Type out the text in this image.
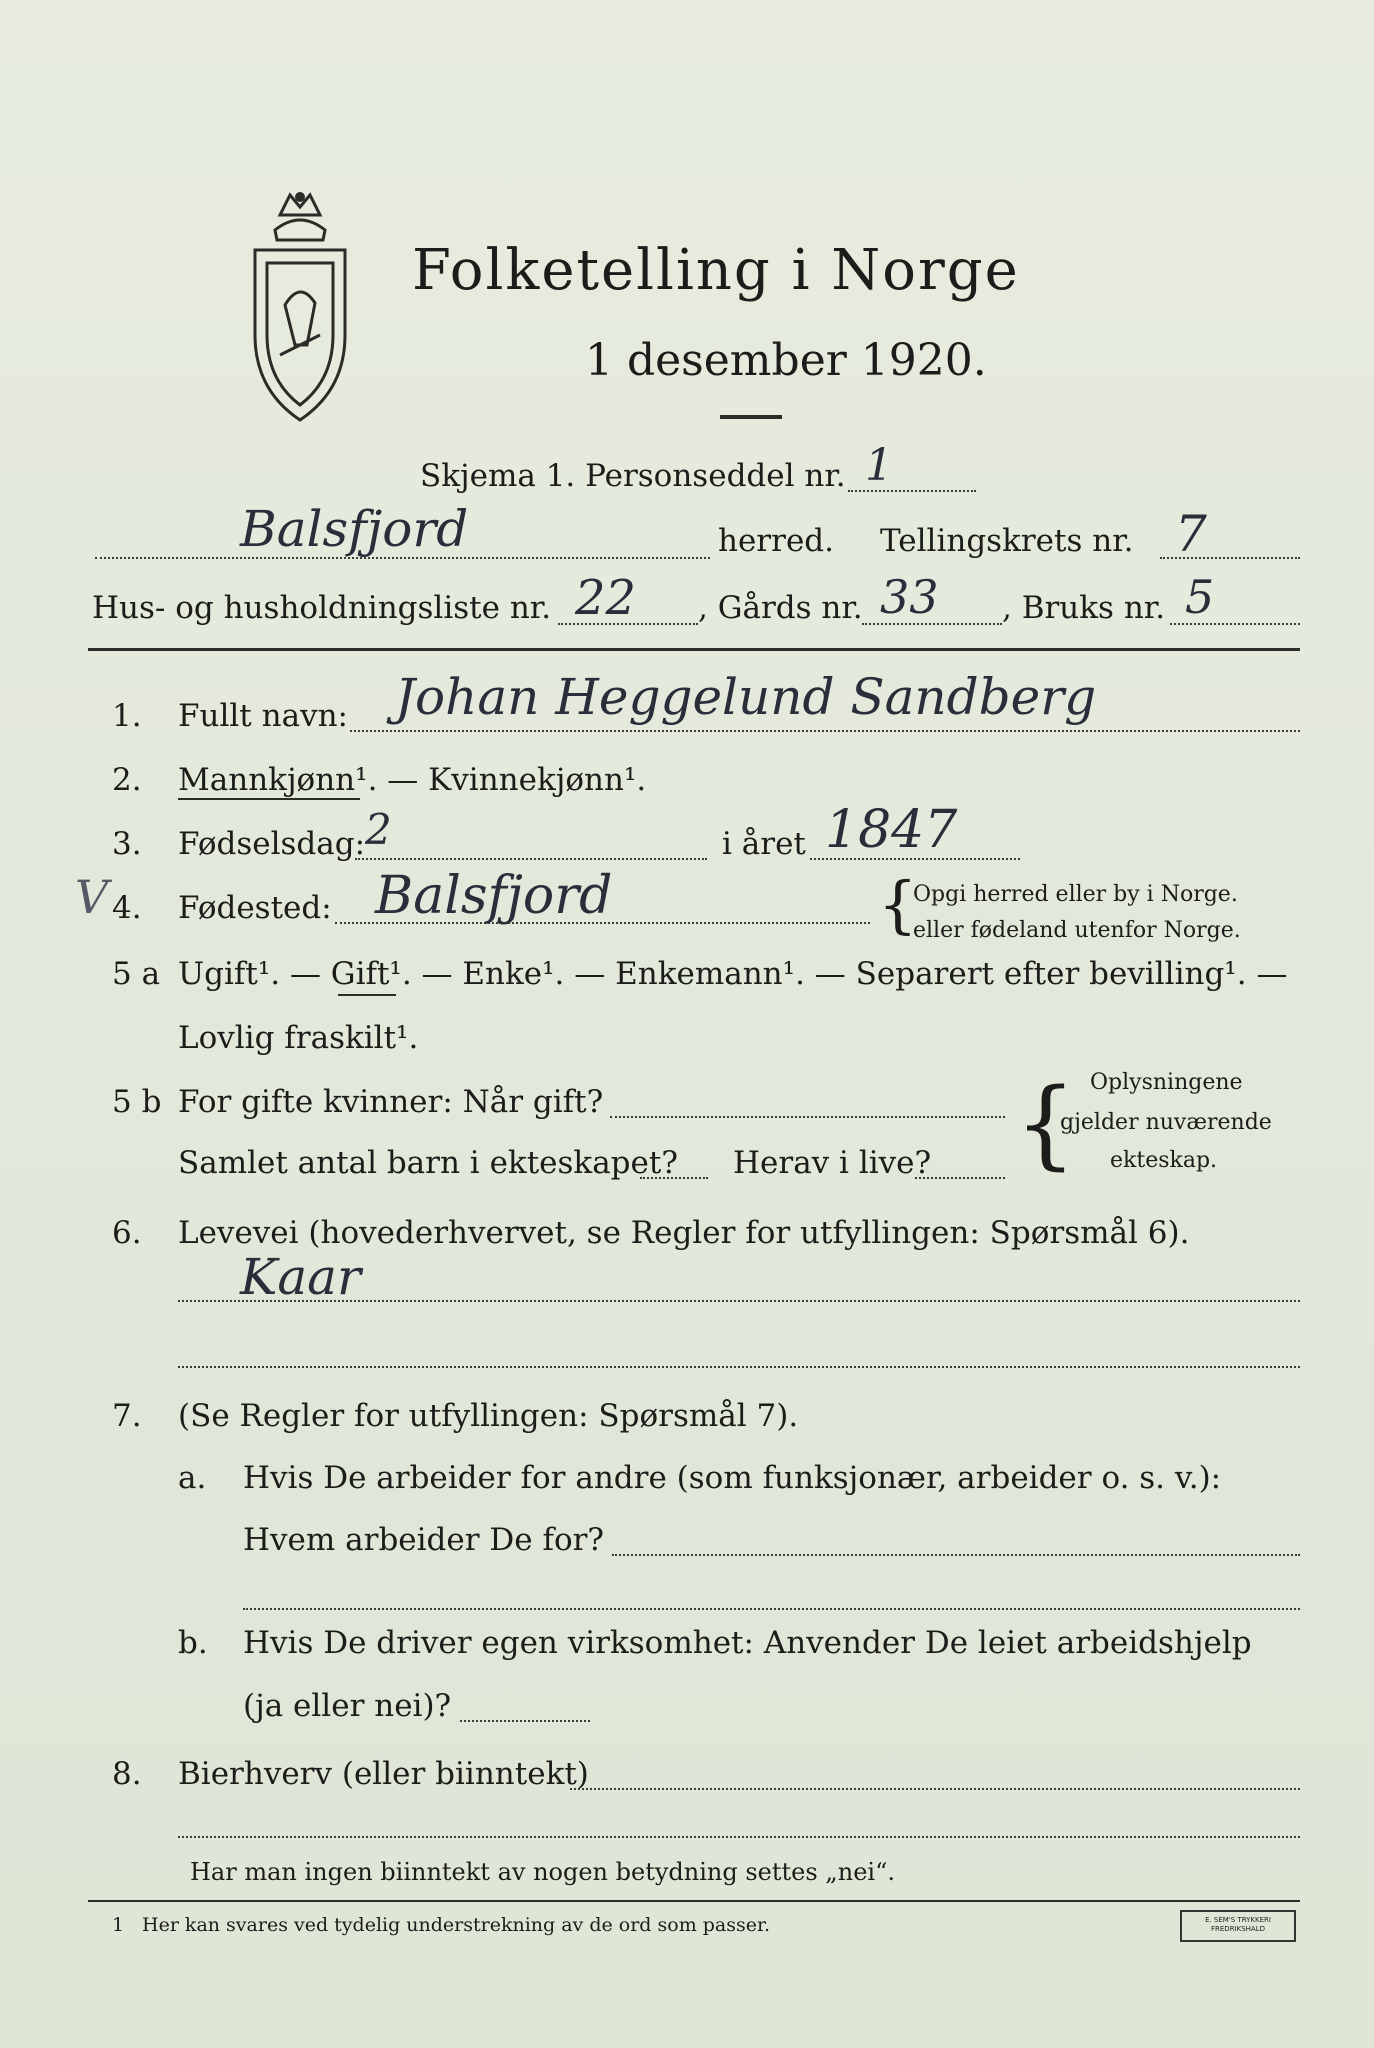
Folketelling i Norge
1 desember 1920.
Skjema 1. Personseddel nr. 1
Balsfjord	herred. Tellingskrets nr. 7
Hus- og husholdningsliste nr. 22 , Gårds nr. 33 , Bruks nr. 5
1. Fullt navn: Johan Heggelund Sandberg
2. Mannkjønn¹. — Kvinnekjønn¹.
3. Fødselsdag: 2	i året 1847
V 4. Fødested: Balsfjord	{
Opgi herred eller by i Norge.
eller fødeland utenfor Norge.
5 a Ugift¹. — Gift¹. — Enke¹. — Enkemann¹. — Separert efter bevilling¹. —
Lovlig fraskilt¹.
5 b For gifte kvinner: Når gift?
Samlet antal barn i ekteskapet? Herav i live? { Oplysningene
gjelder nuværende
ekteskap.
6. Levevei (hovederhvervet, se Regler for utfyllingen: Spørsmål 6).
Kaar
7. (Se Regler for utfyllingen: Spørsmål 7).
a. Hvis De arbeider for andre (som funksjonær, arbeider o. s. v.):
Hvem arbeider De for?
b. Hvis De driver egen virksomhet: Anvender De leiet arbeidshjelp
(ja eller nei)?
8. Bierhverv (eller biinntekt)
Har man ingen biinntekt av nogen betydning settes „nei“.
1 Her kan svares ved tydelig understrekning av de ord som passer.	E. SEM'S TRYKKERI FREDRIKSHALD
